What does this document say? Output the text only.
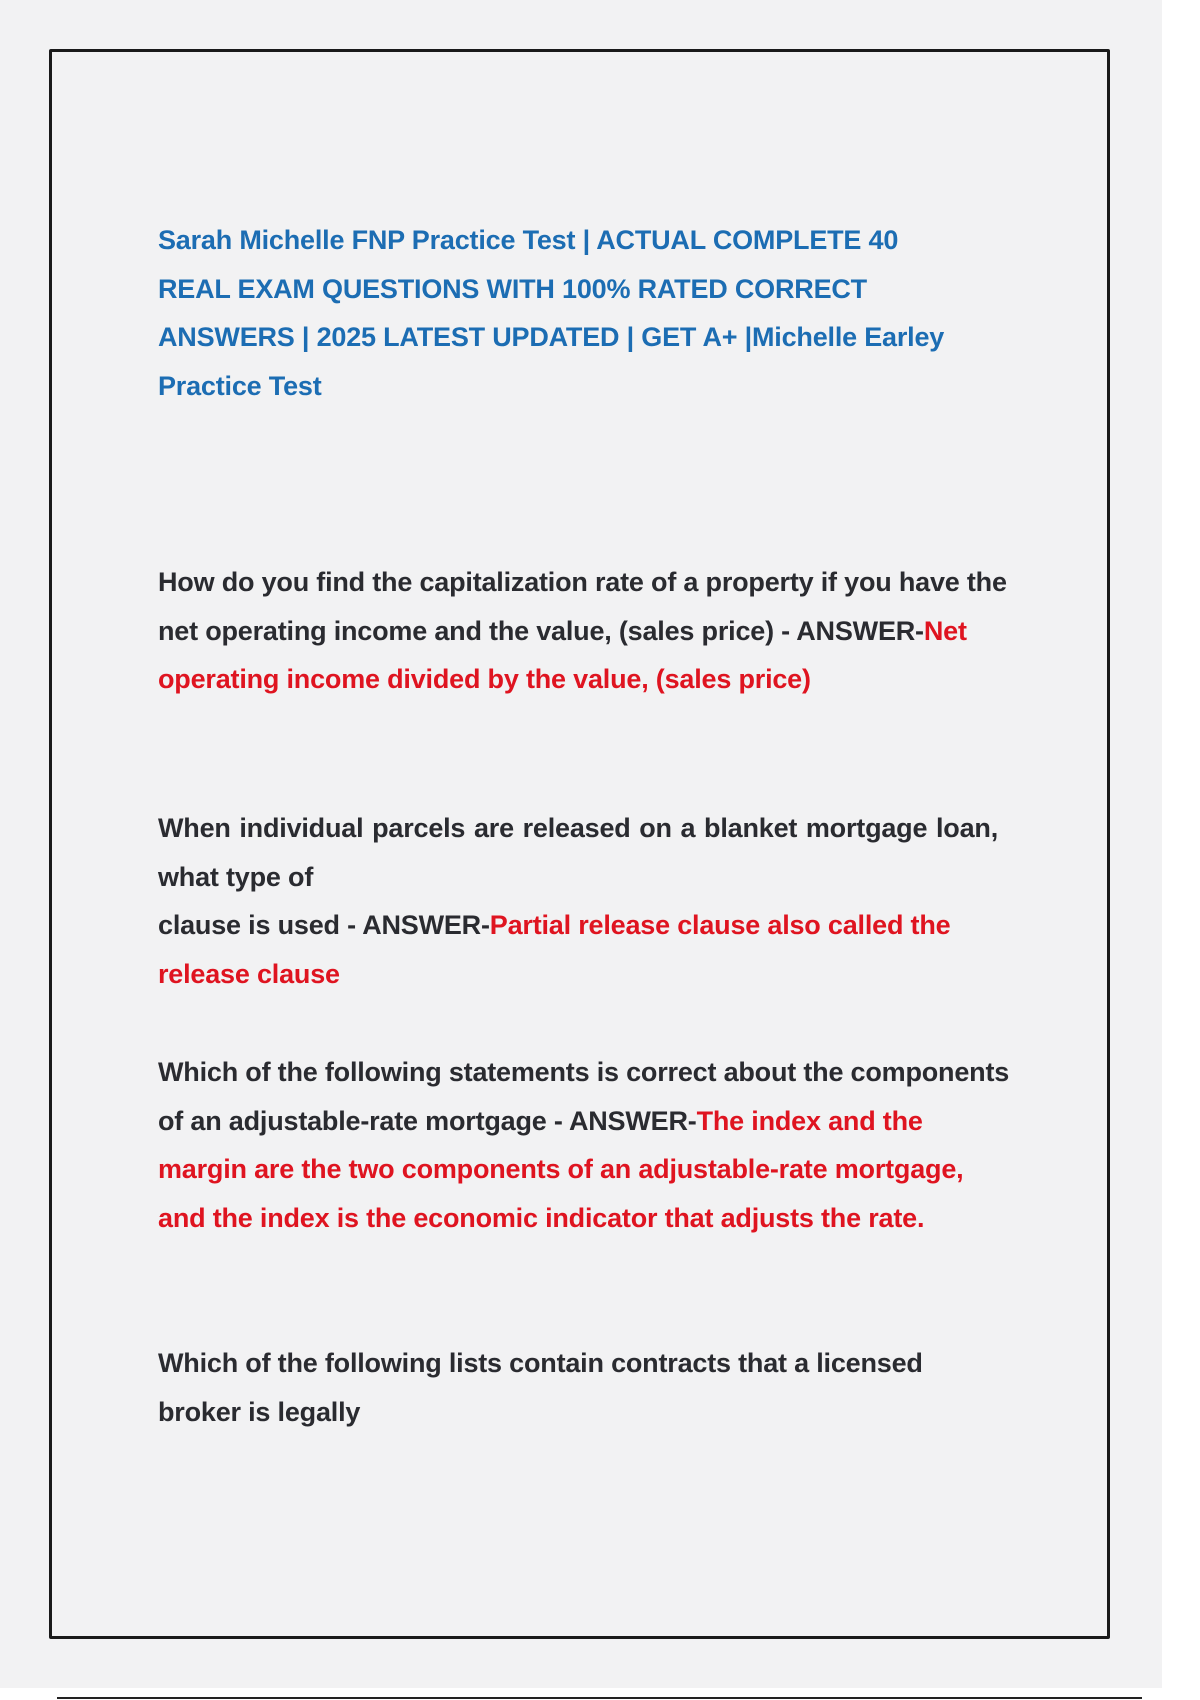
Sarah Michelle FNP Practice Test | ACTUAL COMPLETE 40
REAL EXAM QUESTIONS WITH 100% RATED CORRECT
ANSWERS | 2025 LATEST UPDATED | GET A+ |Michelle Earley
Practice Test
How do you find the capitalization rate of a property if you have the net operating income and the value, (sales price) - ANSWER-Net operating income divided by the value, (sales price)
When individual parcels are released on a blanket mortgage loan, what type of
clause is used - ANSWER-Partial release clause also called the release clause
Which of the following statements is correct about the components of an adjustable-rate mortgage - ANSWER-The index and the margin are the two components of an adjustable-rate mortgage, and the index is the economic indicator that adjusts the rate.
Which of the following lists contain contracts that a licensed broker is legally
